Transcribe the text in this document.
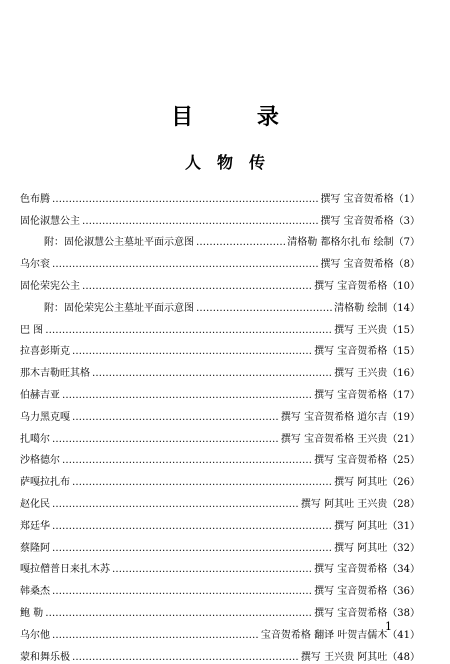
目 录
人物传
色布腾 …………………………………………………………………………………………………………………………………………………………………	撰写 宝音贺希格 （1）
固伦淑慧公主 …………………………………………………………………………………………………………………………………………………………………	撰写 宝音贺希格 （3）
附：固伦淑慧公主墓址平面示意图 …………………………………………………………………………………………………………………………………………………………………	清格勒 都格尔扎布 绘制 （7）
乌尔衮 …………………………………………………………………………………………………………………………………………………………………	撰写 宝音贺希格 （8）
固伦荣宪公主 …………………………………………………………………………………………………………………………………………………………………	撰写 宝音贺希格 （10）
附：固伦荣宪公主墓址平面示意图 …………………………………………………………………………………………………………………………………………………………………	清格勒 绘制 （14）
巴 图 …………………………………………………………………………………………………………………………………………………………………	撰写 王兴贵 （15）
拉喜彭斯克 …………………………………………………………………………………………………………………………………………………………………	撰写 宝音贺希格 （15）
那木吉勒旺其格 …………………………………………………………………………………………………………………………………………………………………	撰写 王兴贵 （16）
伯赫吉亚 …………………………………………………………………………………………………………………………………………………………………	撰写 宝音贺希格 （17）
乌力黑克嘎 …………………………………………………………………………………………………………………………………………………………………	撰写 宝音贺希格 道尔吉 （19）
扎噶尔 …………………………………………………………………………………………………………………………………………………………………	撰写 宝音贺希格 王兴贵 （21）
沙格德尔 …………………………………………………………………………………………………………………………………………………………………	撰写 宝音贺希格 （25）
萨嘎拉扎布 …………………………………………………………………………………………………………………………………………………………………	撰写 阿其吐 （26）
赵化民 …………………………………………………………………………………………………………………………………………………………………	撰写 阿其吐 王兴贵 （28）
郑廷华 …………………………………………………………………………………………………………………………………………………………………	撰写 阿其吐 （31）
蔡隆阿 …………………………………………………………………………………………………………………………………………………………………	撰写 阿其吐 （32）
嘎拉僧普日来扎木苏 …………………………………………………………………………………………………………………………………………………………………	撰写 宝音贺希格 （34）
韩桑杰 …………………………………………………………………………………………………………………………………………………………………	撰写 宝音贺希格 （36）
鲍 勒 …………………………………………………………………………………………………………………………………………………………………	撰写 宝音贺希格 （38）
乌尔他 …………………………………………………………………………………………………………………………………………………………………	宝音贺希格 翻译 叶贺吉儒木 （41）
蒙和舞乐极 …………………………………………………………………………………………………………………………………………………………………	撰写 王兴贵 阿其吐 （48）
1
